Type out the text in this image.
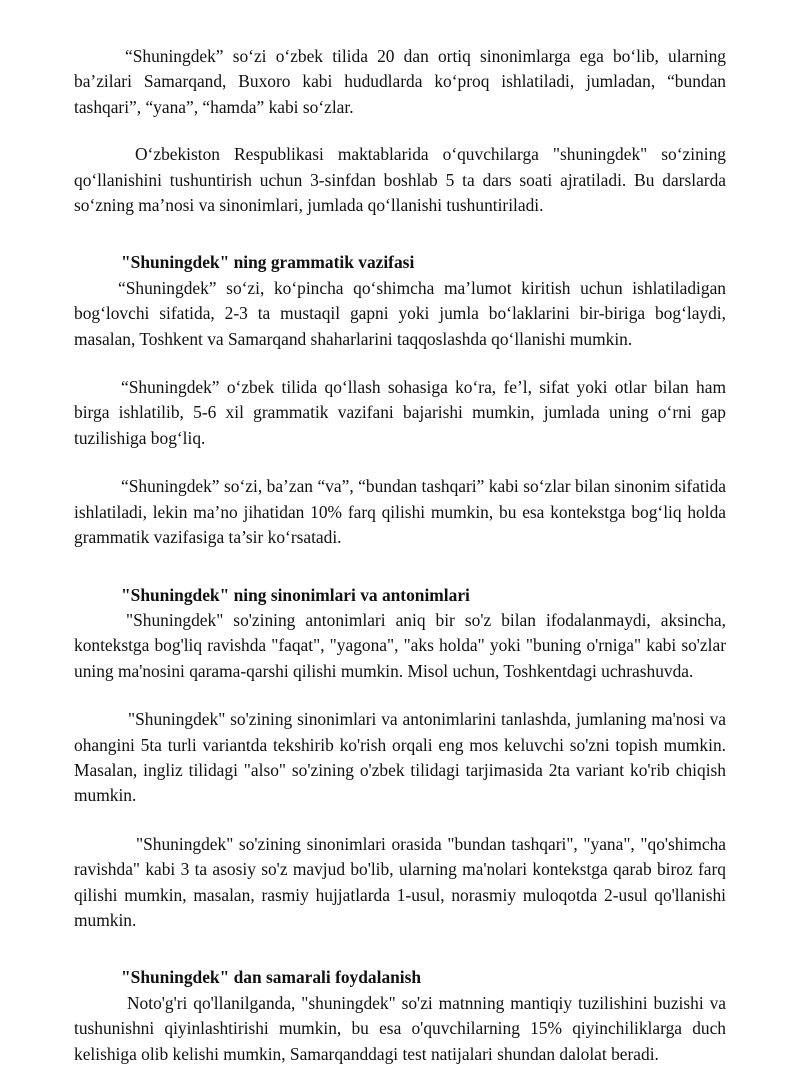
“Shuningdek” so‘zi o‘zbek tilida 20 dan ortiq sinonimlarga ega bo‘lib, ularning ba’zilari Samarqand, Buxoro kabi hududlarda ko‘proq ishlatiladi, jumladan, “bundan tashqari”, “yana”, “hamda” kabi so‘zlar.

O‘zbekiston Respublikasi maktablarida o‘quvchilarga "shuningdek" so‘zining qo‘llanishini tushuntirish uchun 3-sinfdan boshlab 5 ta dars soati ajratiladi. Bu darslarda so‘zning ma’nosi va sinonimlari, jumlada qo‘llanishi tushuntiriladi.

"Shuningdek" ning grammatik vazifasi

“Shuningdek” so‘zi, ko‘pincha qo‘shimcha ma’lumot kiritish uchun ishlatiladigan bog‘lovchi sifatida, 2-3 ta mustaqil gapni yoki jumla bo‘laklarini bir-biriga bog‘laydi, masalan, Toshkent va Samarqand shaharlarini taqqoslashda qo‘llanishi mumkin.

“Shuningdek” o‘zbek tilida qo‘llash sohasiga ko‘ra, fe’l, sifat yoki otlar bilan ham birga ishlatilib, 5-6 xil grammatik vazifani bajarishi mumkin, jumlada uning o‘rni gap tuzilishiga bog‘liq.

“Shuningdek” so‘zi, ba’zan “va”, “bundan tashqari” kabi so‘zlar bilan sinonim sifatida ishlatiladi, lekin ma’no jihatidan 10% farq qilishi mumkin, bu esa kontekstga bog‘liq holda grammatik vazifasiga ta’sir ko‘rsatadi.

"Shuningdek" ning sinonimlari va antonimlari

"Shuningdek" so'zining antonimlari aniq bir so'z bilan ifodalanmaydi, aksincha, kontekstga bog'liq ravishda "faqat", "yagona", "aks holda" yoki "buning o'rniga" kabi so'zlar uning ma'nosini qarama-qarshi qilishi mumkin. Misol uchun, Toshkentdagi uchrashuvda.

"Shuningdek" so'zining sinonimlari va antonimlarini tanlashda, jumlaning ma'nosi va ohangini 5ta turli variantda tekshirib ko'rish orqali eng mos keluvchi so'zni topish mumkin. Masalan, ingliz tilidagi "also" so'zining o'zbek tilidagi tarjimasida 2ta variant ko'rib chiqish mumkin.

"Shuningdek" so'zining sinonimlari orasida "bundan tashqari", "yana", "qo'shimcha ravishda" kabi 3 ta asosiy so'z mavjud bo'lib, ularning ma'nolari kontekstga qarab biroz farq qilishi mumkin, masalan, rasmiy hujjatlarda 1-usul, norasmiy muloqotda 2-usul qo'llanishi mumkin.

"Shuningdek" dan samarali foydalanish

Noto'g'ri qo'llanilganda, "shuningdek" so'zi matnning mantiqiy tuzilishini buzishi va tushunishni qiyinlashtirishi mumkin, bu esa o'quvchilarning 15% qiyinchiliklarga duch kelishiga olib kelishi mumkin, Samarqanddagi test natijalari shundan dalolat beradi.
